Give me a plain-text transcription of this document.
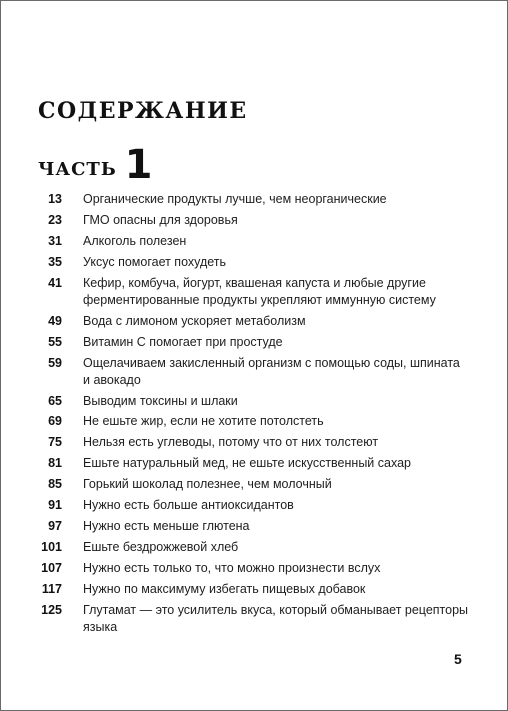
СОДЕРЖАНИЕ
ЧАСТЬ 1
13 Органические продукты лучше, чем неорганические
23 ГМО опасны для здоровья
31 Алкоголь полезен
35 Уксус помогает похудеть
41 Кефир, комбуча, йогурт, квашеная капуста и любые другие ферментированные продукты укрепляют иммунную систему
49 Вода с лимоном ускоряет метаболизм
55 Витамин С помогает при простуде
59 Ощелачиваем закисленный организм с помощью соды, шпината и авокадо
65 Выводим токсины и шлаки
69 Не ешьте жир, если не хотите потолстеть
75 Нельзя есть углеводы, потому что от них толстеют
81 Ешьте натуральный мед, не ешьте искусственный сахар
85 Горький шоколад полезнее, чем молочный
91 Нужно есть больше антиоксидантов
97 Нужно есть меньше глютена
101 Ешьте бездрожжевой хлеб
107 Нужно есть только то, что можно произнести вслух
117 Нужно по максимуму избегать пищевых добавок
125 Глутамат — это усилитель вкуса, который обманывает рецепторы языка
5
